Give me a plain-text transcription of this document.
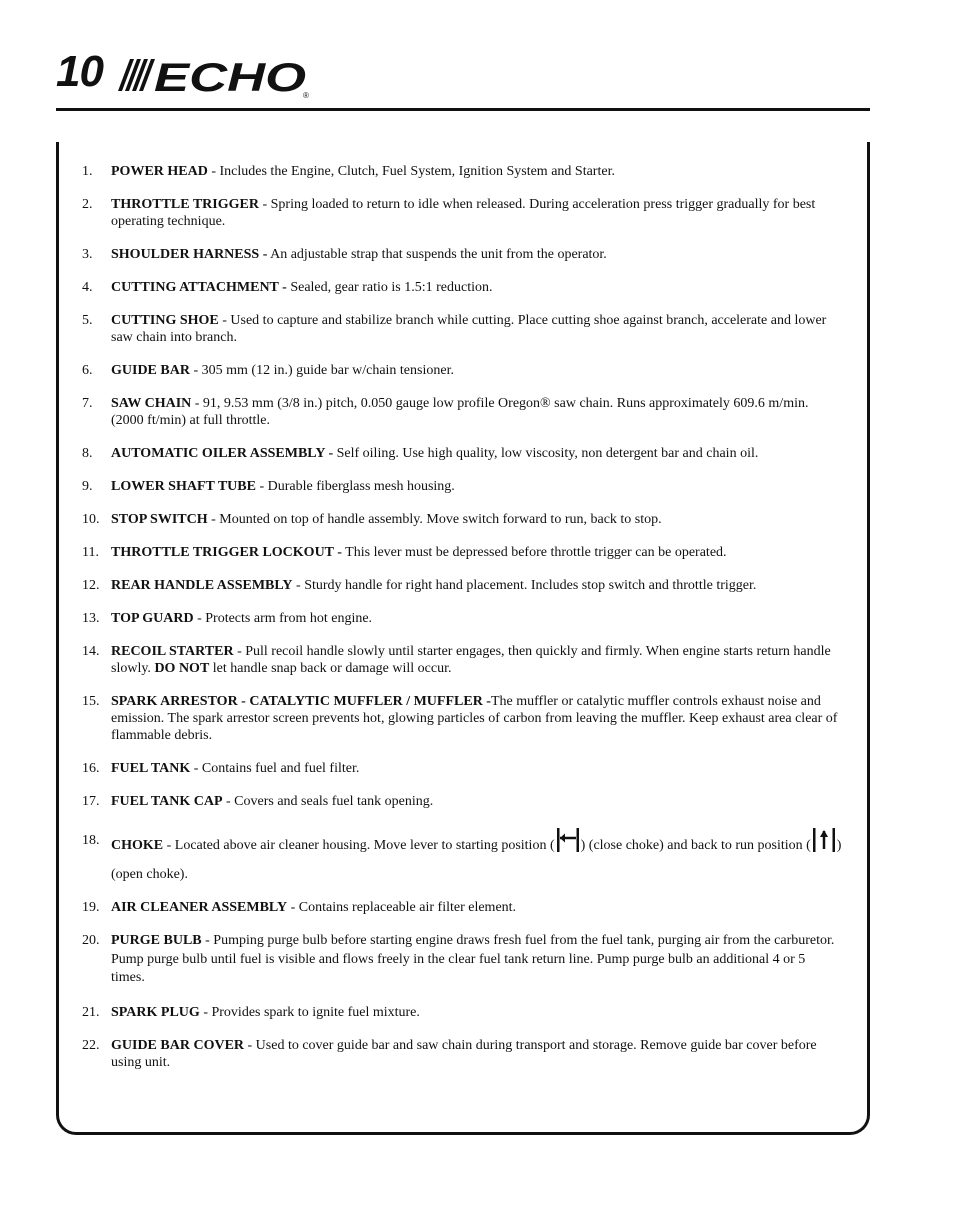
10 ECHO
®
1. POWER HEAD - Includes the Engine, Clutch, Fuel System, Ignition System and Starter.
2. THROTTLE TRIGGER - Spring loaded to return to idle when released. During acceleration press trigger gradually for best operating technique.
3. SHOULDER HARNESS - An adjustable strap that suspends the unit from the operator.
4. CUTTING ATTACHMENT - Sealed, gear ratio is 1.5:1 reduction.
5. CUTTING SHOE - Used to capture and stabilize branch while cutting. Place cutting shoe against branch, accelerate and lower saw chain into branch.
6. GUIDE BAR - 305 mm (12 in.) guide bar w/chain tensioner.
7. SAW CHAIN - 91, 9.53 mm (3/8 in.) pitch, 0.050 gauge low profile Oregon® saw chain. Runs approximately 609.6 m/min. (2000 ft/min) at full throttle.
8. AUTOMATIC OILER ASSEMBLY - Self oiling. Use high quality, low viscosity, non detergent bar and chain oil.
9. LOWER SHAFT TUBE - Durable fiberglass mesh housing.
10. STOP SWITCH - Mounted on top of handle assembly. Move switch forward to run, back to stop.
11. THROTTLE TRIGGER LOCKOUT - This lever must be depressed before throttle trigger can be operated.
12. REAR HANDLE ASSEMBLY - Sturdy handle for right hand placement. Includes stop switch and throttle trigger.
13. TOP GUARD - Protects arm from hot engine.
14. RECOIL STARTER - Pull recoil handle slowly until starter engages, then quickly and firmly. When engine starts return handle slowly. DO NOT let handle snap back or damage will occur.
15. SPARK ARRESTOR - CATALYTIC MUFFLER / MUFFLER -The muffler or catalytic muffler controls exhaust noise and emission. The spark arrestor screen prevents hot, glowing particles of carbon from leaving the muffler. Keep exhaust area clear of flammable debris.
16. FUEL TANK - Contains fuel and fuel filter.
17. FUEL TANK CAP - Covers and seals fuel tank opening.
18. CHOKE - Located above air cleaner housing. Move lever to starting position ( ) (close choke) and back to run position ( ) (open choke).
19. AIR CLEANER ASSEMBLY - Contains replaceable air filter element.
20. PURGE BULB - Pumping purge bulb before starting engine draws fresh fuel from the fuel tank, purging air from the carburetor. Pump purge bulb until fuel is visible and flows freely in the clear fuel tank return line. Pump purge bulb an additional 4 or 5 times.
21. SPARK PLUG - Provides spark to ignite fuel mixture.
22. GUIDE BAR COVER - Used to cover guide bar and saw chain during transport and storage. Remove guide bar cover before using unit.
